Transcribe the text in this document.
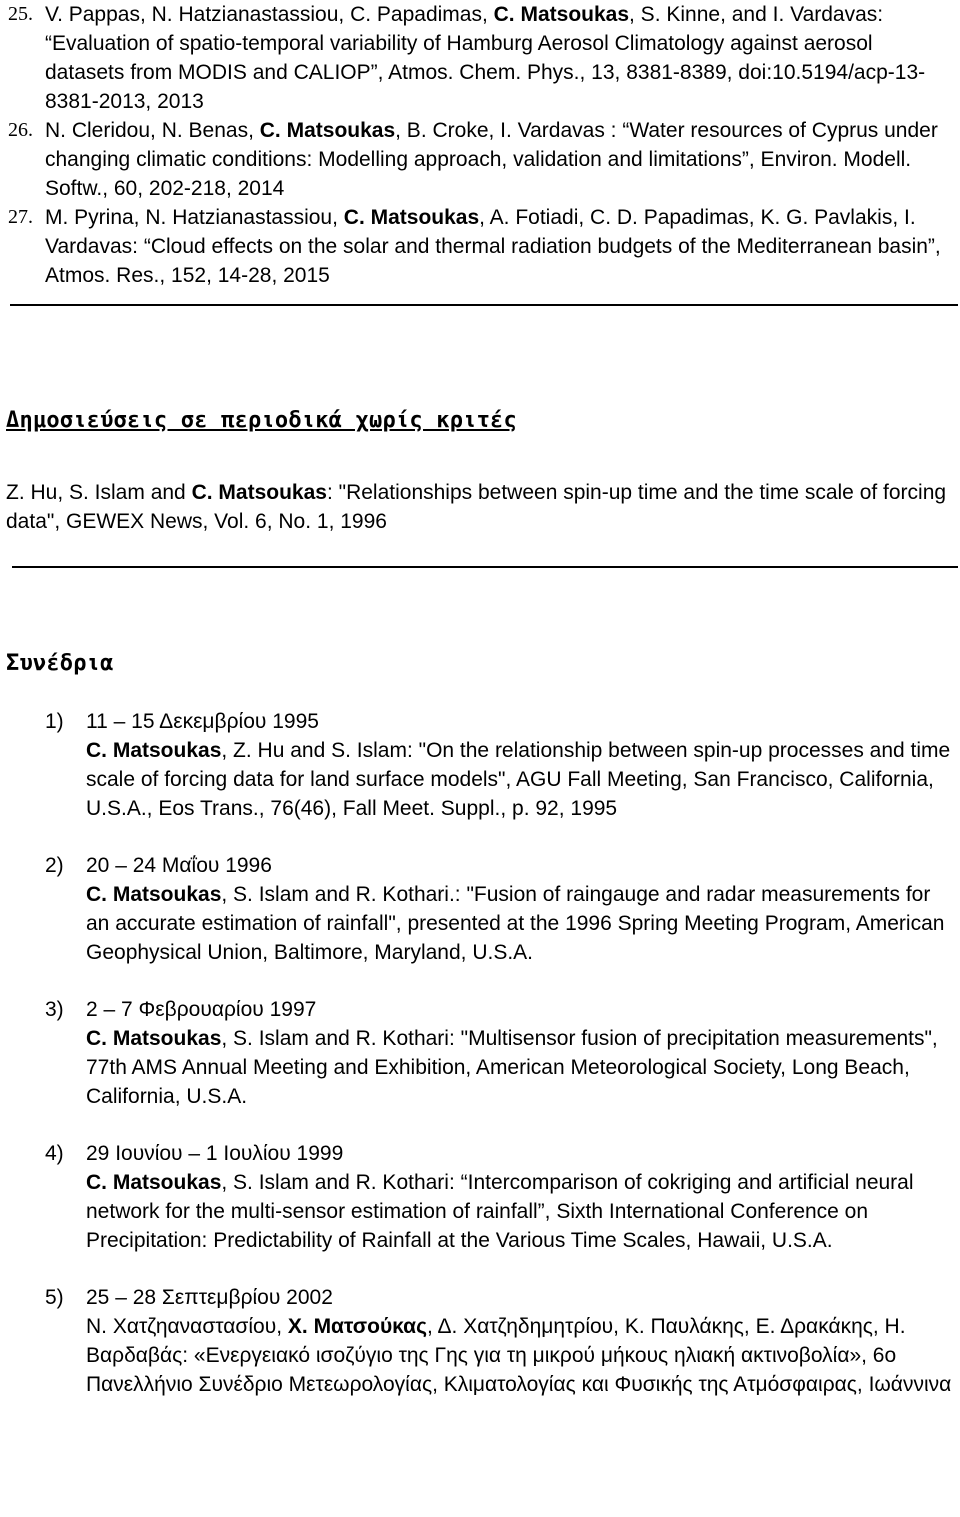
25. V. Pappas, N. Hatzianastassiou, C. Papadimas, C. Matsoukas, S. Kinne, and I. Vardavas: “Evaluation of spatio-temporal variability of Hamburg Aerosol Climatology against aerosol datasets from MODIS and CALIOP”, Atmos. Chem. Phys., 13, 8381-8389, doi:10.5194/acp-13-8381-2013, 2013
26. N. Cleridou, N. Benas, C. Matsoukas, B. Croke, I. Vardavas : “Water resources of Cyprus under changing climatic conditions: Modelling approach, validation and limitations”, Environ. Modell. Softw., 60, 202-218, 2014
27. M. Pyrina, N. Hatzianastassiou, C. Matsoukas, A. Fotiadi, C. D. Papadimas, K. G. Pavlakis, I. Vardavas: “Cloud effects on the solar and thermal radiation budgets of the Mediterranean basin”, Atmos. Res., 152, 14-28, 2015
Δημοσιεύσεις σε περιοδικά χωρίς κριτές
Z. Hu, S. Islam and C. Matsoukas: "Relationships between spin-up time and the time scale of forcing data", GEWEX News, Vol. 6, No. 1, 1996
Συνέδρια
1) 11 – 15 Δεκεμβρίου 1995
C. Matsoukas, Z. Hu and S. Islam: "On the relationship between spin-up processes and time scale of forcing data for land surface models", AGU Fall Meeting, San Francisco, California, U.S.A., Eos Trans., 76(46), Fall Meet. Suppl., p. 92, 1995
2) 20 – 24 Μαΐου 1996
C. Matsoukas, S. Islam and R. Kothari.: "Fusion of raingauge and radar measurements for an accurate estimation of rainfall", presented at the 1996 Spring Meeting Program, American Geophysical Union, Baltimore, Maryland, U.S.A.
3) 2 – 7 Φεβρουαρίου 1997
C. Matsoukas, S. Islam and R. Kothari: "Multisensor fusion of precipitation measurements", 77th AMS Annual Meeting and Exhibition, American Meteorological Society, Long Beach, California, U.S.A.
4) 29 Ιουνίου – 1 Ιουλίου 1999
C. Matsoukas, S. Islam and R. Kothari: “Intercomparison of cokriging and artificial neural network for the multi-sensor estimation of rainfall”, Sixth International Conference on Precipitation: Predictability of Rainfall at the Various Time Scales, Hawaii, U.S.A.
5) 25 – 28 Σεπτεμβρίου 2002
Ν. Χατζηαναστασίου, Χ. Ματσούκας, Δ. Χατζηδημητρίου, Κ. Παυλάκης, Ε. Δρακάκης, Η. Βαρδαβάς: «Ενεργειακό ισοζύγιο της Γης για τη μικρού μήκους ηλιακή ακτινοβολία», 6ο Πανελλήνιο Συνέδριο Μετεωρολογίας, Κλιματολογίας και Φυσικής της Ατμόσφαιρας, Ιωάννινα
